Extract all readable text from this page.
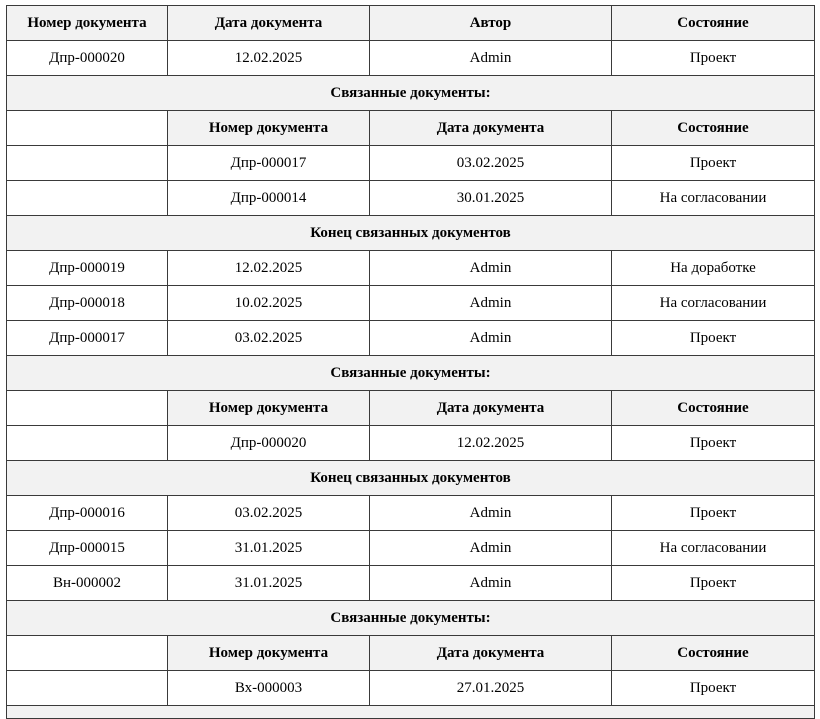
Номер документа	Дата документа	Автор	Состояние
Дпр-000020	12.02.2025	Admin	Проект
Связанные документы:			
	Номер документа	Дата документа	Состояние
	Дпр-000017	03.02.2025	Проект
	Дпр-000014	30.01.2025	На согласовании
Конец связанных документов			
Дпр-000019	12.02.2025	Admin	На доработке
Дпр-000018	10.02.2025	Admin	На согласовании
Дпр-000017	03.02.2025	Admin	Проект
Связанные документы:			
	Номер документа	Дата документа	Состояние
	Дпр-000020	12.02.2025	Проект
Конец связанных документов			
Дпр-000016	03.02.2025	Admin	Проект
Дпр-000015	31.01.2025	Admin	На согласовании
Вн-000002	31.01.2025	Admin	Проект
Связанные документы:			
	Номер документа	Дата документа	Состояние
	Вх-000003	27.01.2025	Проект
